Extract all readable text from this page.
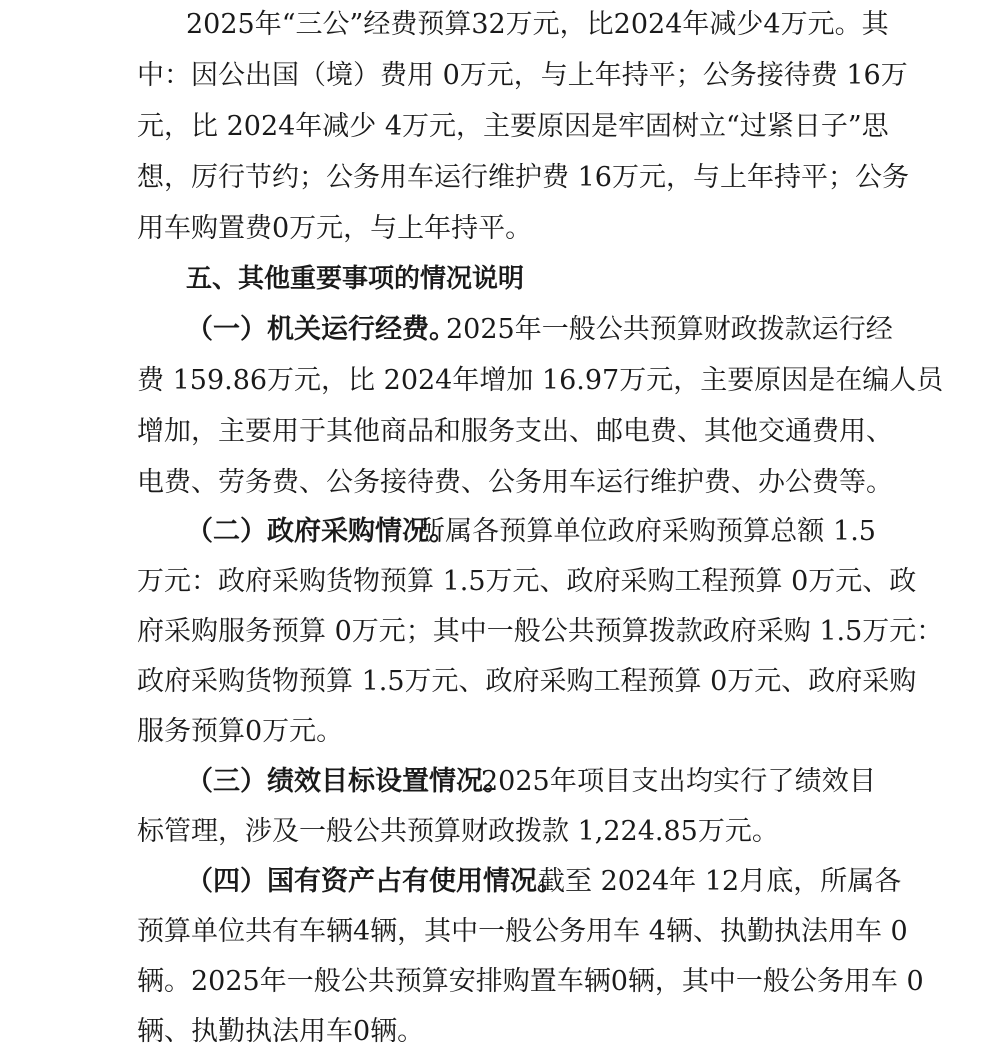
2025年“三公”经费预算32万元，比2024年减少4万元。其
中：因公出国（境）费用 0万元，与上年持平；公务接待费 16万
元，比 2024年减少 4万元，主要原因是牢固树立“过紧日子”思
想，厉行节约；公务用车运行维护费 16万元，与上年持平；公务
用车购置费0万元，与上年持平。
五、其他重要事项的情况说明
（一）机关运行经费。
2025年一般公共预算财政拨款运行经
费 159.86万元，比 2024年增加 16.97万元，主要原因是在编人员
增加，主要用于其他商品和服务支出、邮电费、其他交通费用、
电费、劳务费、公务接待费、公务用车运行维护费、办公费等。
（二）政府采购情况。
所属各预算单位政府采购预算总额 1.5
万元：政府采购货物预算 1.5万元、政府采购工程预算 0万元、政
府采购服务预算 0万元；其中一般公共预算拨款政府采购 1.5万元：
政府采购货物预算 1.5万元、政府采购工程预算 0万元、政府采购
服务预算0万元。
（三）绩效目标设置情况。
2025年项目支出均实行了绩效目
标管理，涉及一般公共预算财政拨款 1,224.85万元。
（四）国有资产占有使用情况。
截至 2024年 12月底，所属各
预算单位共有车辆4辆，其中一般公务用车 4辆、执勤执法用车 0
辆。2025年一般公共预算安排购置车辆0辆，其中一般公务用车 0
辆、执勤执法用车0辆。
